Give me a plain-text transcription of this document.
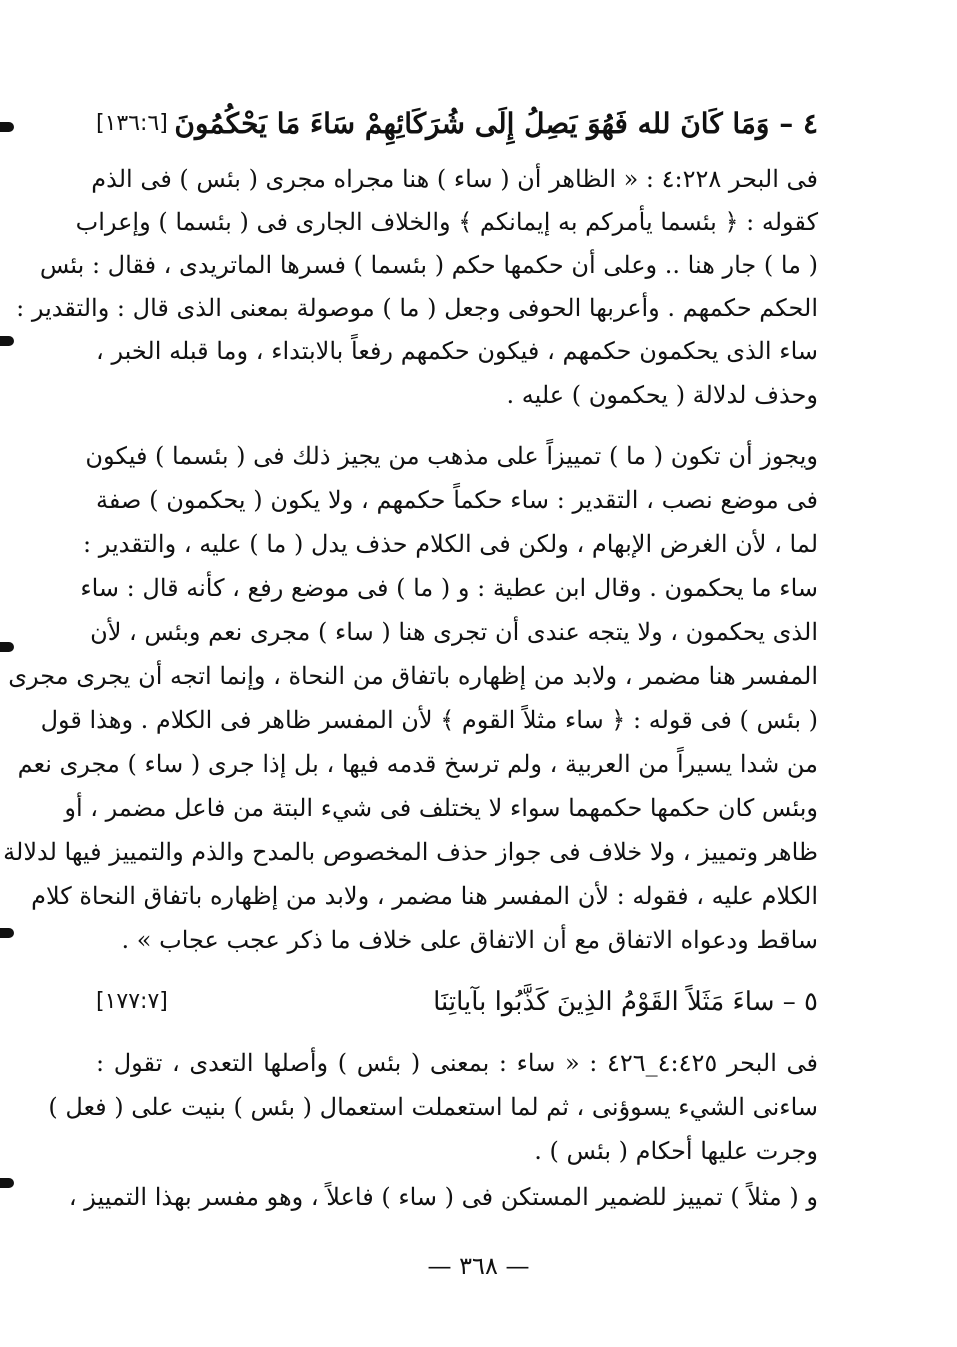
٤ – وَمَا كَانَ لله فَهُوَ يَصِلُ إِلَى شُرَكَائِهِمْ سَاءَ مَا يَحْكُمُونَ
[١٣٦:٦]
فى البحر ٤:٢٢٨ : « الظاهر أن ( ساء ) هنا مجراه مجرى ( بئس ) فى الذم
كقوله : ﴿ بئسما يأمركم به إيمانكم ﴾ والخلاف الجارى فى ( بئسما ) وإعراب
( ما ) جار هنا .. وعلى أن حكمها حكم ( بئسما ) فسرها الماتريدى ، فقال : بئس
الحكم حكمهم . وأعربها الحوفى وجعل ( ما ) موصولة بمعنى الذى قال : والتقدير :
ساء الذى يحكمون حكمهم ، فيكون حكمهم رفعاً بالابتداء ، وما قبله الخبر ،
وحذف لدلالة ( يحكمون ) عليه .
ويجوز أن تكون ( ما ) تمييزاً على مذهب من يجيز ذلك فى ( بئسما ) فيكون
فى موضع نصب ، التقدير : ساء حكماً حكمهم ، ولا يكون ( يحكمون ) صفة
لما ، لأن الغرض الإبهام ، ولكن فى الكلام حذف يدل ( ما ) عليه ، والتقدير :
ساء ما يحكمون . وقال ابن عطية : و ( ما ) فى موضع رفع ، كأنه قال : ساء
الذى يحكمون ، ولا يتجه عندى أن تجرى هنا ( ساء ) مجرى نعم وبئس ، لأن
المفسر هنا مضمر ، ولابد من إظهاره باتفاق من النحاة ، وإنما اتجه أن يجرى مجرى
( بئس ) فى قوله : ﴿ ساء مثلاً القوم ﴾ لأن المفسر ظاهر فى الكلام . وهذا قول
من شدا يسيراً من العربية ، ولم ترسخ قدمه فيها ، بل إذا جرى ( ساء ) مجرى نعم
وبئس كان حكمها حكمهما سواء لا يختلف فى شيء البتة من فاعل مضمر ، أو
ظاهر وتمييز ، ولا خلاف فى جواز حذف المخصوص بالمدح والذم والتمييز فيها لدلالة
الكلام عليه ، فقوله : لأن المفسر هنا مضمر ، ولابد من إظهاره باتفاق النحاة كلام
ساقط ودعواه الاتفاق مع أن الاتفاق على خلاف ما ذكر عجب عجاب » .
٥ – ساءَ مَثَلاً القَوْمُ الذِينَ كَذَّبُوا بآياتِنَا
[١٧٧:٧]
فى البحر ٤:٤٢٥_٤٢٦ : « ساء : بمعنى ( بئس ) وأصلها التعدى ، تقول :
ساءنى الشيء يسوؤنى ، ثم لما استعملت استعمال ( بئس ) بنيت على ( فعل )
وجرت عليها أحكام ( بئس ) .
و ( مثلاً ) تمييز للضمير المستكن فى ( ساء ) فاعلاً ، وهو مفسر بهذا التمييز ،
— ٣٦٨ —
